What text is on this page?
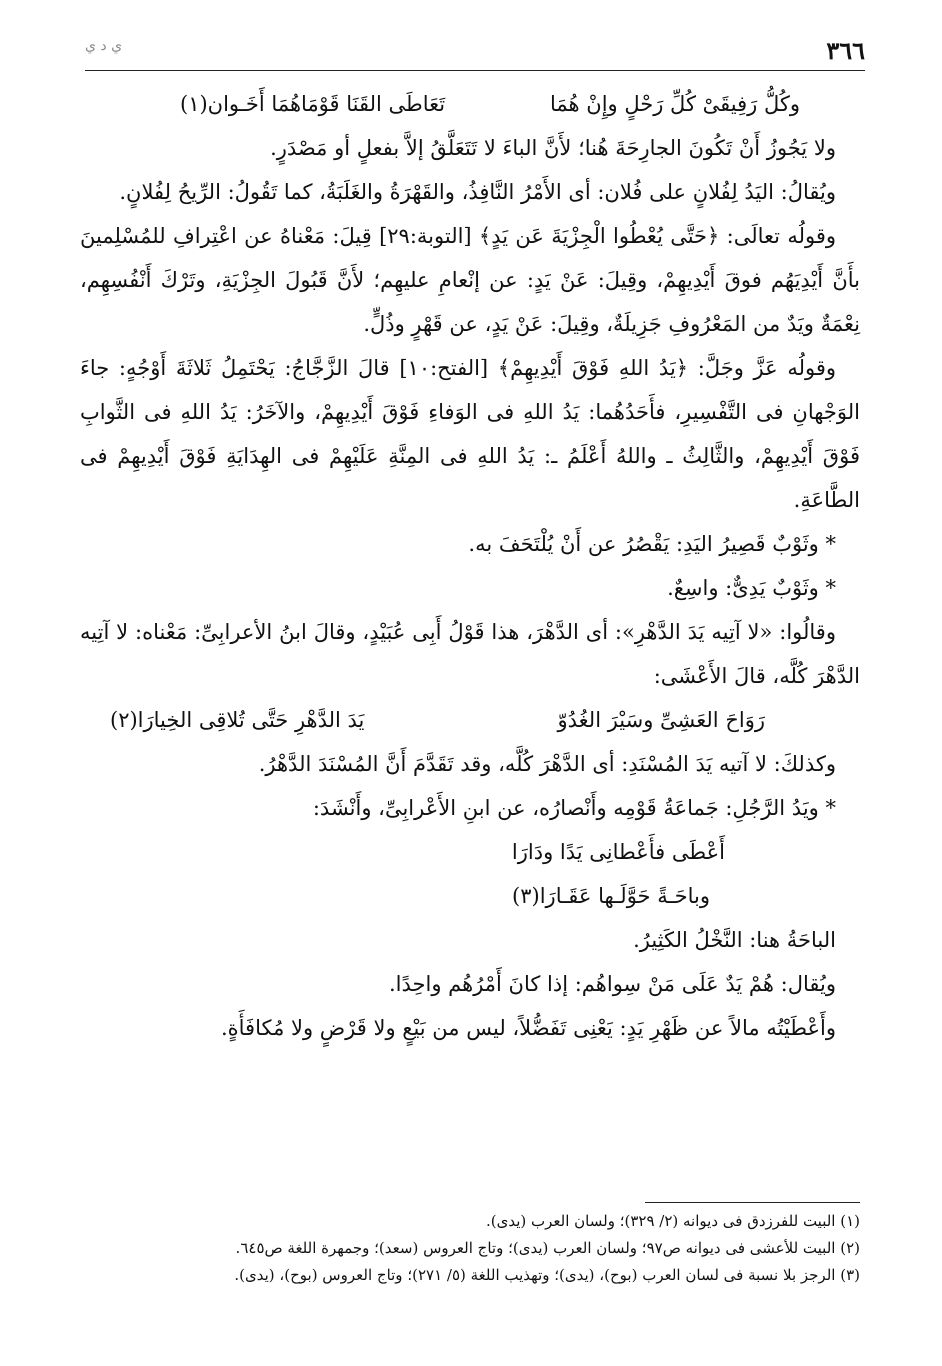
٣٦٦
ي د ي
وكُلُّ رَفِيقَىْ كُلِّ رَحْلٍ وإِنْ هُمَا
تَعَاطَى القَنَا قَوْمَاهُمَا أَخَـوان(١)

ولا يَجُوزُ أَنْ تَكُونَ الجارِحَةَ هُنا؛ لأَنَّ الباءَ لا تَتَعَلَّقُ إلاَّ بفعلٍ أو مَصْدَرٍ.

ويُقالُ: اليَدُ لِفُلانٍ على فُلان: أى الأَمْرُ النَّافِذُ، والقَهْرَةُ والغَلَبَةُ، كما تَقُولُ: الرِّيحُ لِفُلانٍ.

وقولُه تعالَى: ﴿حَتَّى يُعْطُوا الْجِزْيَةَ عَن يَدٍ﴾ [التوبة:٢٩] قِيلَ: مَعْناهُ عن اعْتِرافِ للمُسْلِمينَ بأَنَّ أَيْدِيَهُم فوقَ أَيْدِيهِمْ، وقِيلَ: عَنْ يَدٍ: عن إنْعامِ عليهِم؛ لأَنَّ قَبُولَ الجِزْيَةِ، وتَرْكَ أَنْفُسِهِم، نِعْمَةٌ ويَدٌ من المَعْرُوفِ جَزِيلَةٌ، وقِيلَ: عَنْ يَدٍ، عن قَهْرٍ وذُلٍّ.

وقولُه عَزَّ وجَلَّ: ﴿يَدُ اللهِ فَوْقَ أَيْدِيهِمْ﴾ [الفتح:١٠] قالَ الزَّجَّاجُ: يَحْتَمِلُ ثَلاثَةَ أَوْجُهٍ: جاءَ الوَجْهانِ فى التَّفْسِيرِ، فأَحَدُهُما: يَدُ اللهِ فى الوَفاءِ فَوْقَ أَيْدِيهِمْ، والآخَرُ: يَدُ اللهِ فى الثَّوابِ فَوْقَ أَيْدِيهِمْ، والثَّالِثُ ـ واللهُ أَعْلَمُ ـ: يَدُ اللهِ فى المِنَّةِ عَلَيْهِمْ فى الهِدَايَةِ فَوْقَ أَيْدِيهِمْ فى الطَّاعَةِ.

* وثَوْبٌ قَصِيرُ اليَدِ: يَقْصُرُ عن أَنْ يُلْتَحَفَ به.

* وثَوْبٌ يَدِىٌّ: واسِعٌ.

وقالُوا: «لا آتِيه يَدَ الدَّهْرِ»: أى الدَّهْرَ، هذا قَوْلُ أَبِى عُبَيْدٍ، وقالَ ابنُ الأعرابِىِّ: مَعْناه: لا آتِيه الدَّهْرَ كُلَّه، قالَ الأَعْشَى:

رَوَاحَ العَشِىِّ وسَيْرَ الغُدُوّ
يَدَ الدَّهْرِ حَتَّى تُلاقِى الخِيارَا(٢)

وكذلكَ: لا آتيه يَدَ المُسْنَدِ: أى الدَّهْرَ كُلَّه، وقد تَقَدَّمَ أَنَّ المُسْنَدَ الدَّهْرُ.

* ويَدُ الرَّجُلِ: جَماعَةُ قَوْمِه وأَنْصارُه، عن ابنِ الأَعْرابِىِّ، وأَنْشَدَ:

أَعْطَى فأَعْطانِى يَدًا ودَارَا

وباحَـةً حَوَّلَـها عَقَـارَا(٣)

الباحَةُ هنا: النَّخْلُ الكَثِيرُ.

ويُقال: هُمْ يَدٌ عَلَى مَنْ سِواهُم: إذا كانَ أَمْرُهُم واحِدًا.

وأَعْطَيْتُه مالاً عن ظَهْرِ يَدٍ: يَعْنِى تَفَضُّلاً، ليس من بَيْعٍ ولا قَرْضٍ ولا مُكافَأَةٍ.

(١) البيت للفرزدق فى ديوانه (٢/ ٣٢٩)؛ ولسان العرب (يدى).

(٢) البيت للأعشى فى ديوانه ص٩٧؛ ولسان العرب (يدى)؛ وتاج العروس (سعد)؛ وجمهرة اللغة ص٦٤٥.

(٣) الرجز بلا نسبة فى لسان العرب (بوح)، (يدى)؛ وتهذيب اللغة (٥/ ٢٧١)؛ وتاج العروس (بوح)، (يدى).
